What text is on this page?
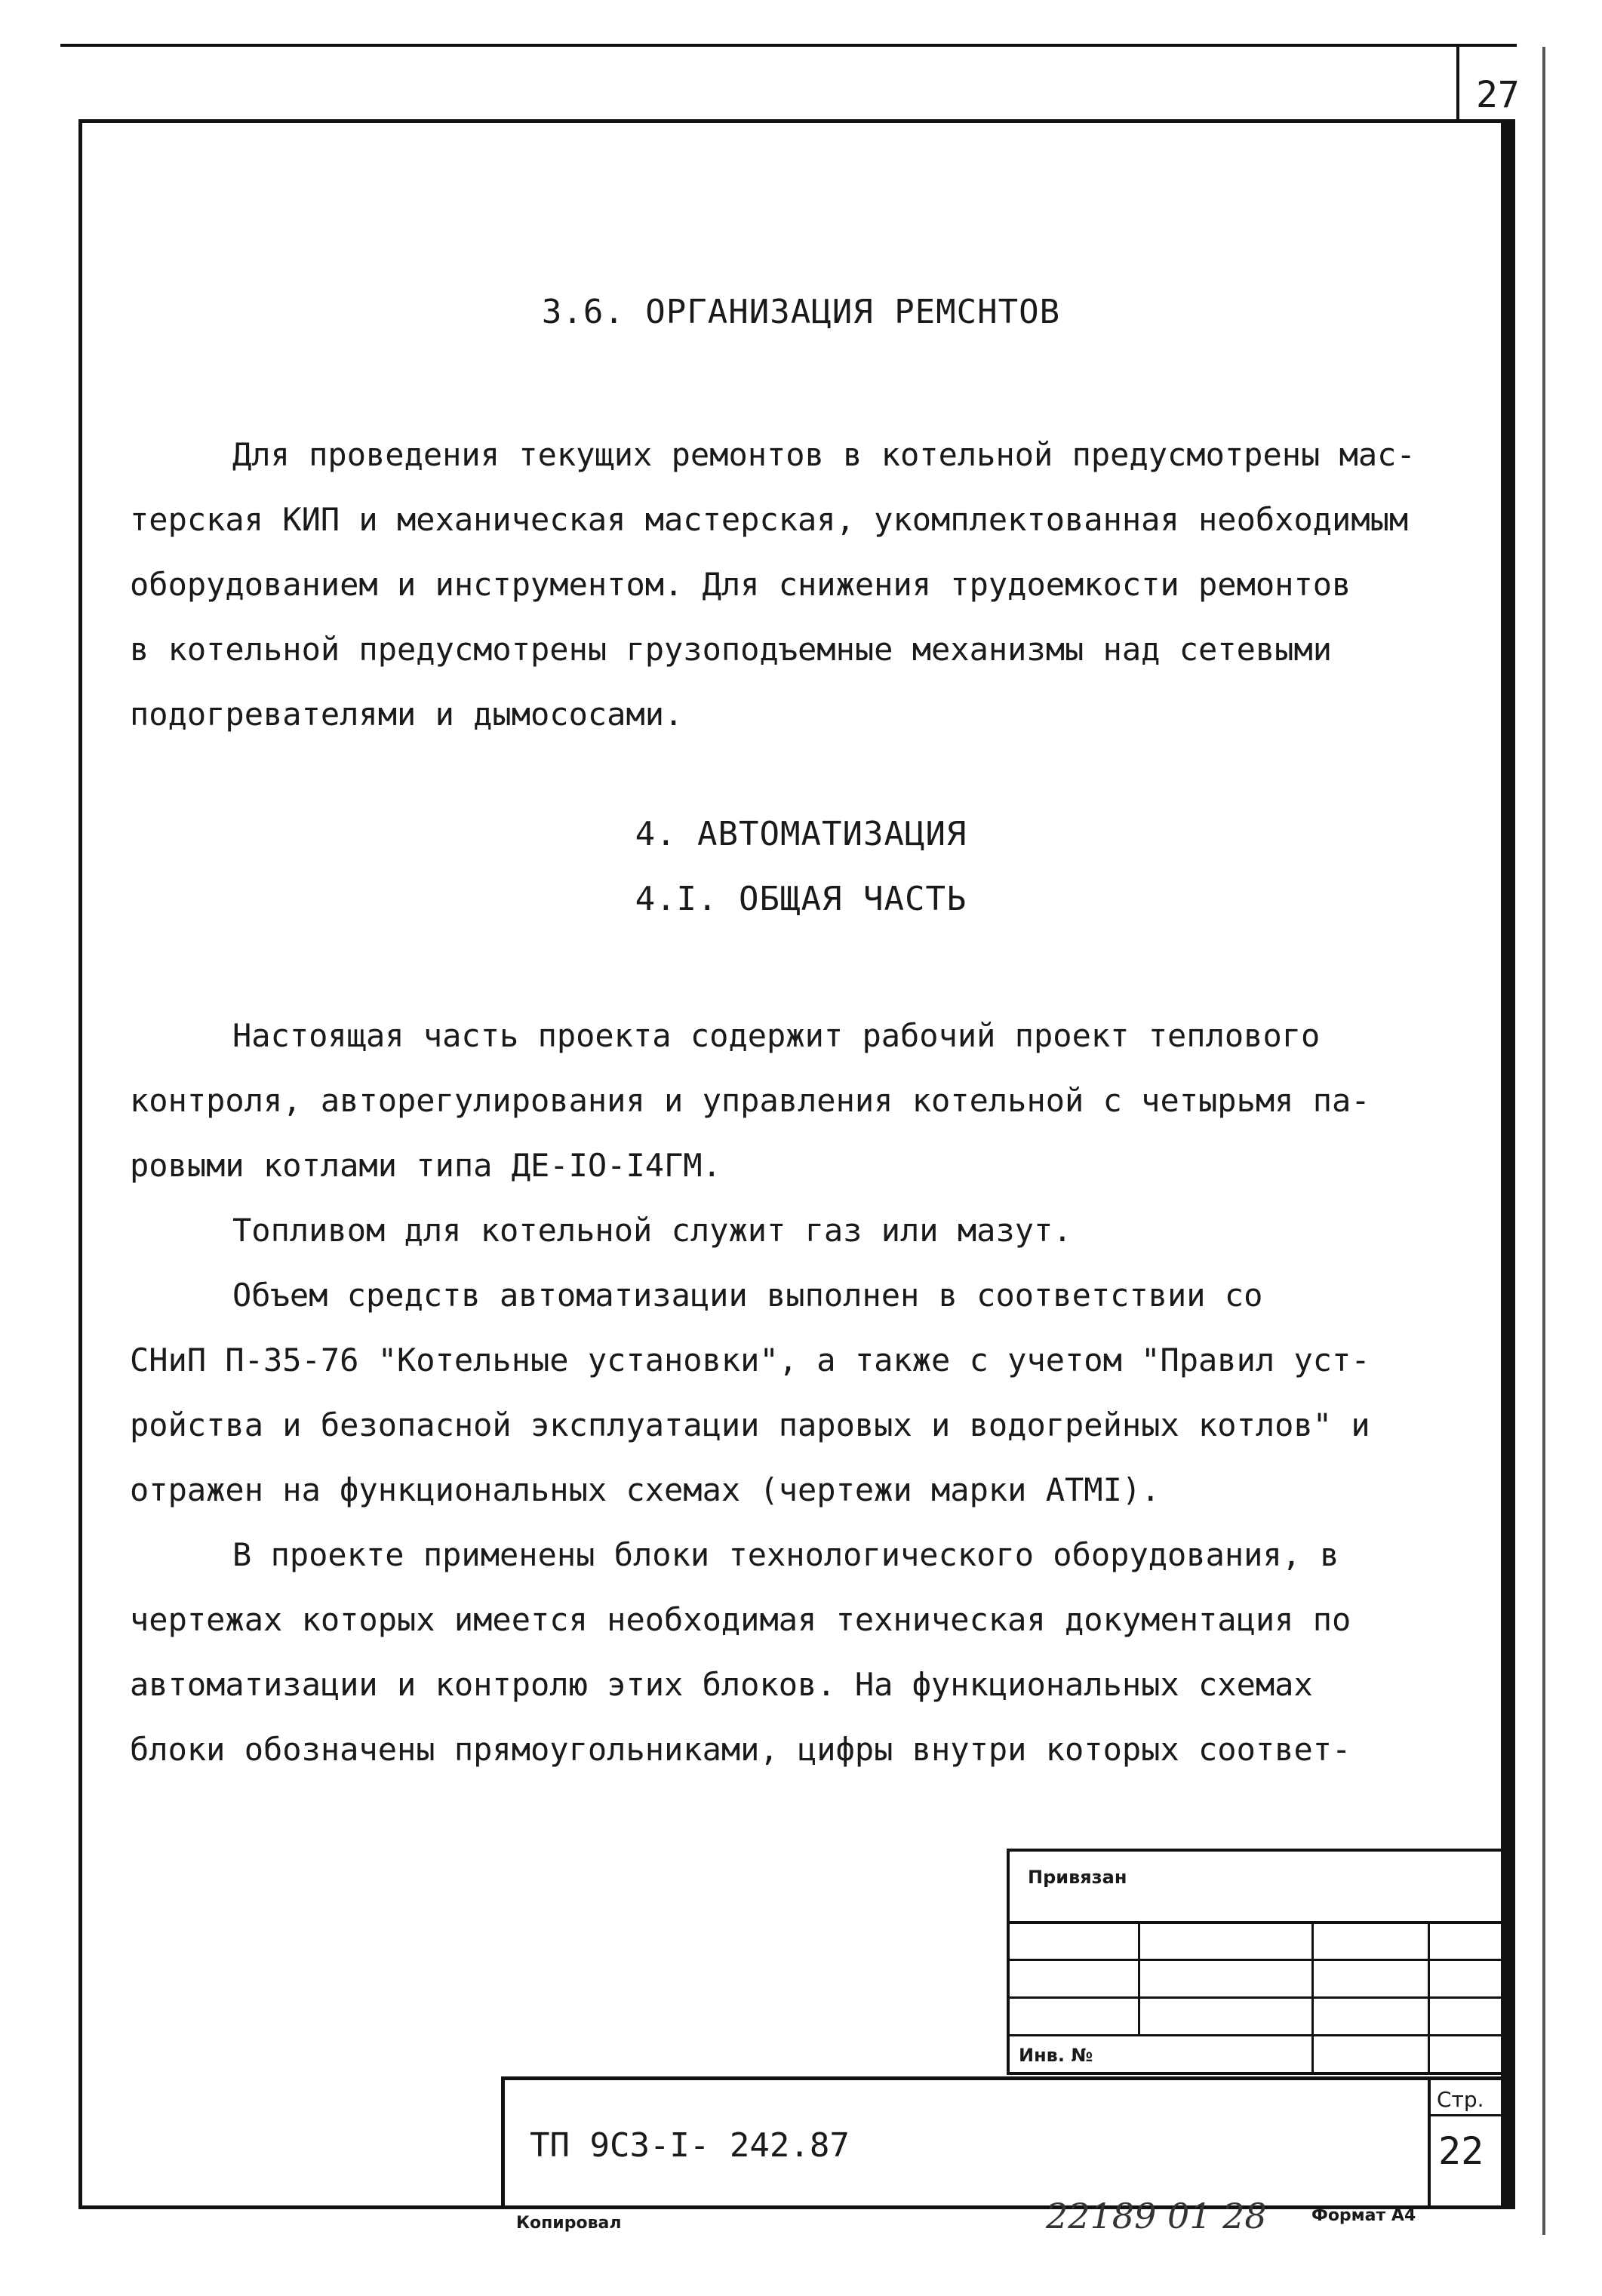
27
3.6. ОРГАНИЗАЦИЯ РЕМСНТОВ
Для проведения текущих ремонтов в котельной предусмотрены мас-
терская КИП и механическая мастерская, укомплектованная необходимым
оборудованием и инструментом. Для снижения трудоемкости ремонтов
в котельной предусмотрены грузоподъемные механизмы над сетевыми
подогревателями и дымососами.
4. АВТОМАТИЗАЦИЯ
4.I. ОБЩАЯ ЧАСТЬ
Настоящая часть проекта содержит рабочий проект теплового
контроля, авторегулирования и управления котельной с четырьмя па-
ровыми котлами типа ДЕ-IO-I4ГМ.
Топливом для котельной служит газ или мазут.
Объем средств автоматизации выполнен в соответствии со
СНиП П-35-76 "Котельные установки", а также с учетом "Правил уст-
ройства и безопасной эксплуатации паровых и водогрейных котлов" и
отражен на функциональных схемах (чертежи марки АТМI).
В проекте применены блоки технологического оборудования, в
чертежах которых имеется необходимая техническая документация по
автоматизации и контролю этих блоков. На функциональных схемах
блоки обозначены прямоугольниками, цифры внутри которых соответ-
Привязан
Инв. №
ТП 9С3-I- 242.87
Стр.
22
Копировал	22189 01 28	Формат А4
